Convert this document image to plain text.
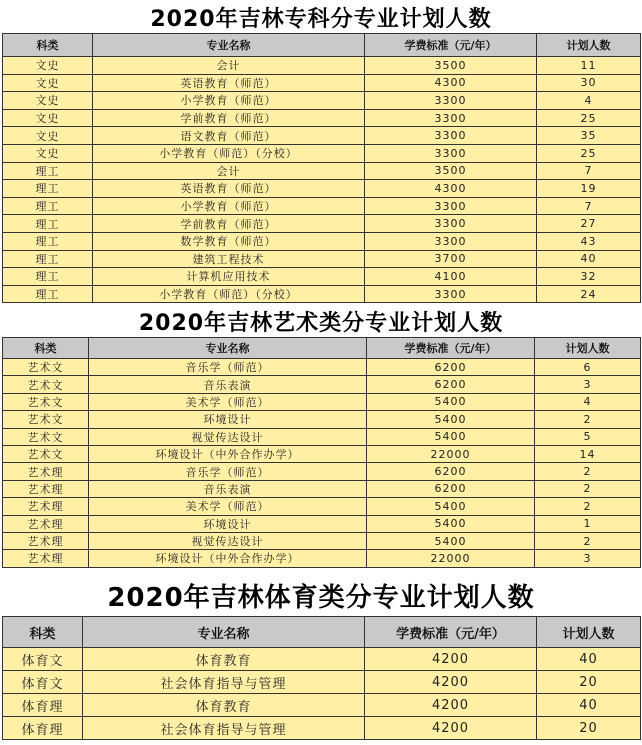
2020年吉林专科分专业计划人数
科类	专业名称	学费标准（元/年）	计划人数
文史	会计	3500	11
文史	英语教育（师范）	4300	30
文史	小学教育（师范）	3300	4
文史	学前教育（师范）	3300	25
文史	语文教育（师范）	3300	35
文史	小学教育（师范）（分校）	3300	25
理工	会计	3500	7
理工	英语教育（师范）	4300	19
理工	小学教育（师范）	3300	7
理工	学前教育（师范）	3300	27
理工	数学教育（师范）	3300	43
理工	建筑工程技术	3700	40
理工	计算机应用技术	4100	32
理工	小学教育（师范）（分校）	3300	24
2020年吉林艺术类分专业计划人数
科类	专业名称	学费标准（元/年）	计划人数
艺术文	音乐学（师范）	6200	6
艺术文	音乐表演	6200	3
艺术文	美术学（师范）	5400	4
艺术文	环境设计	5400	2
艺术文	视觉传达设计	5400	5
艺术文	环境设计（中外合作办学）	22000	14
艺术理	音乐学（师范）	6200	2
艺术理	音乐表演	6200	2
艺术理	美术学（师范）	5400	2
艺术理	环境设计	5400	1
艺术理	视觉传达设计	5400	2
艺术理	环境设计（中外合作办学）	22000	3
2020年吉林体育类分专业计划人数
科类	专业名称	学费标准（元/年）	计划人数
体育文	体育教育	4200	40
体育文	社会体育指导与管理	4200	20
体育理	体育教育	4200	40
体育理	社会体育指导与管理	4200	20
